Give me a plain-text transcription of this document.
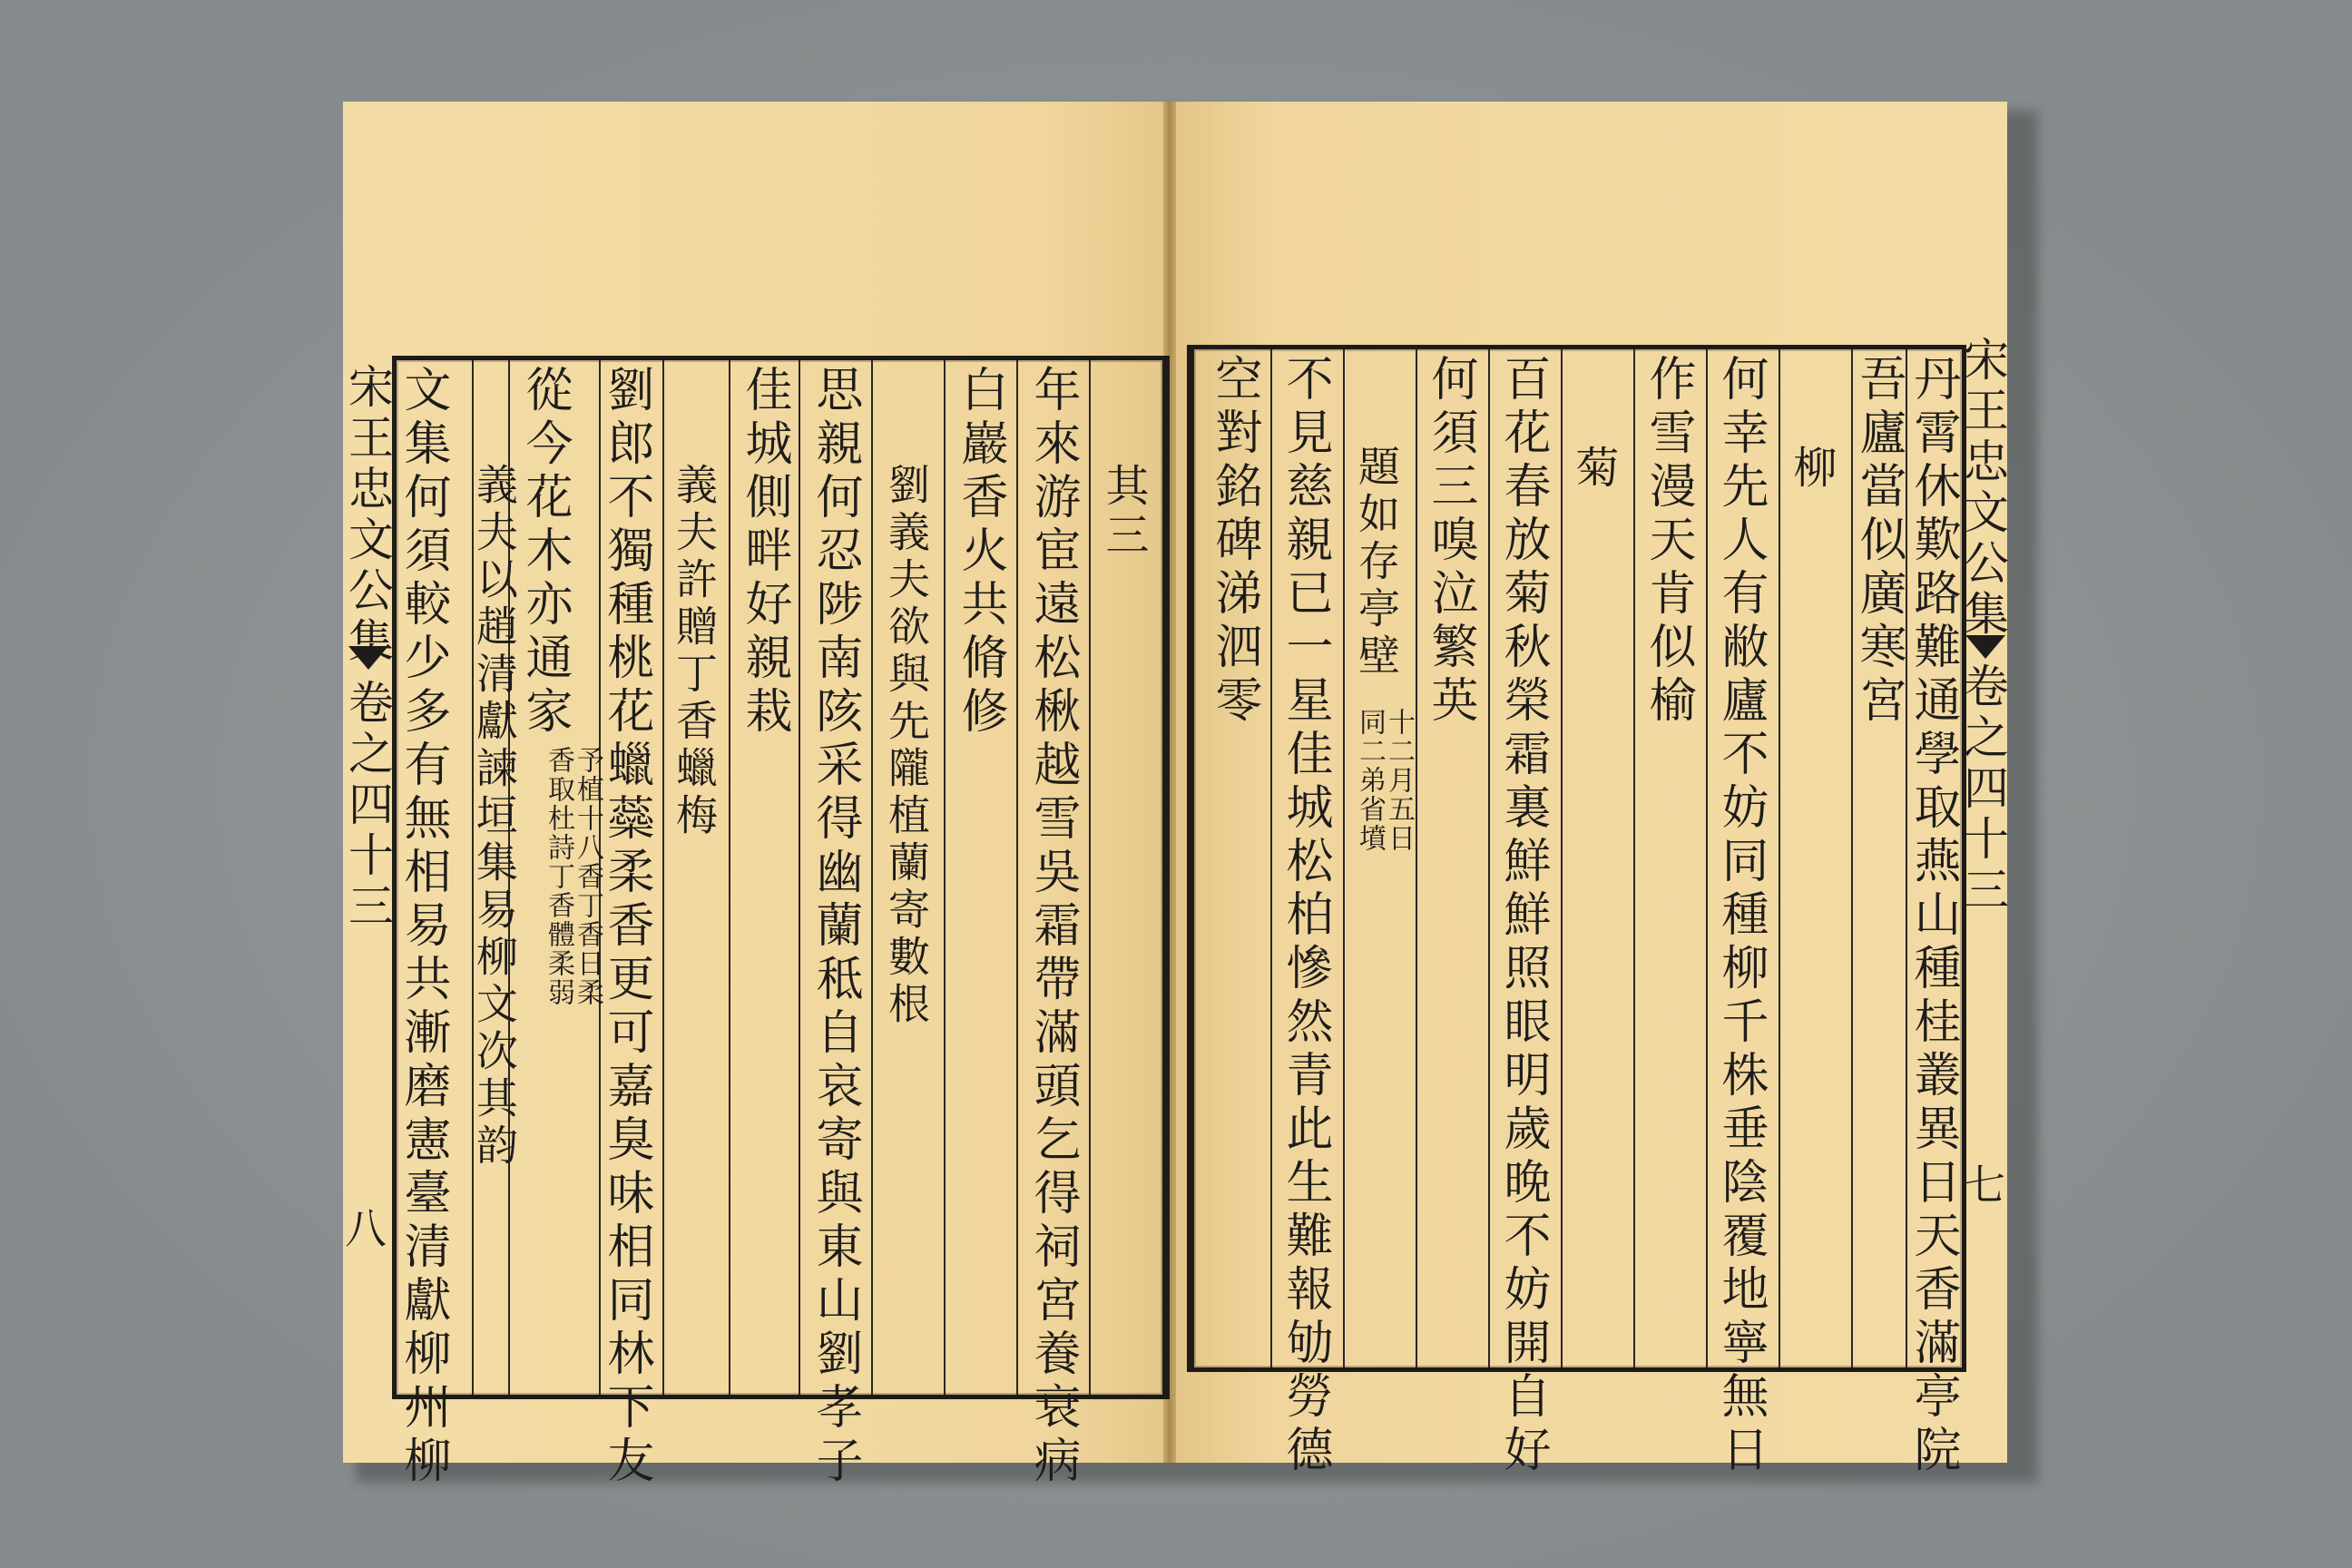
宋王忠文公集
卷之四十三
八
其三
年來游宦遠松楸越雪吳霜帶滿頭乞得祠宮養衰病
白巖香火共脩修
劉義夫欲與先隴植蘭寄數根
思親何忍陟南陔采得幽蘭秪自哀寄與東山劉孝子
佳城側畔好親栽
義夫許贈丁香蠟梅
劉郎不獨種桃花蠟蘂柔香更可嘉臭味相同林下友
從今花木亦通家
予植十八香丁香日柔
香取杜詩丁香體柔弱
義夫以趙清獻諫垣集易柳文次其韵
文集何須較少多有無相易共漸磨憲臺清獻柳州柳	宋王忠文公集
卷之四十三
七
丹霄休歎路難通學取燕山種桂叢異日天香滿亭院
吾廬當似廣寒宮
柳
何幸先人有敝廬不妨同種柳千株垂陰覆地寧無日
作雪漫天肯似榆
菊
百花春放菊秋榮霜裏鮮鮮照眼明歲晚不妨開自好
何須三嗅泣繁英
題如存亭壁
十二月五日
同二弟省墳
不見慈親已一星佳城松柏慘然青此生難報劬勞德
空對銘碑涕泗零
